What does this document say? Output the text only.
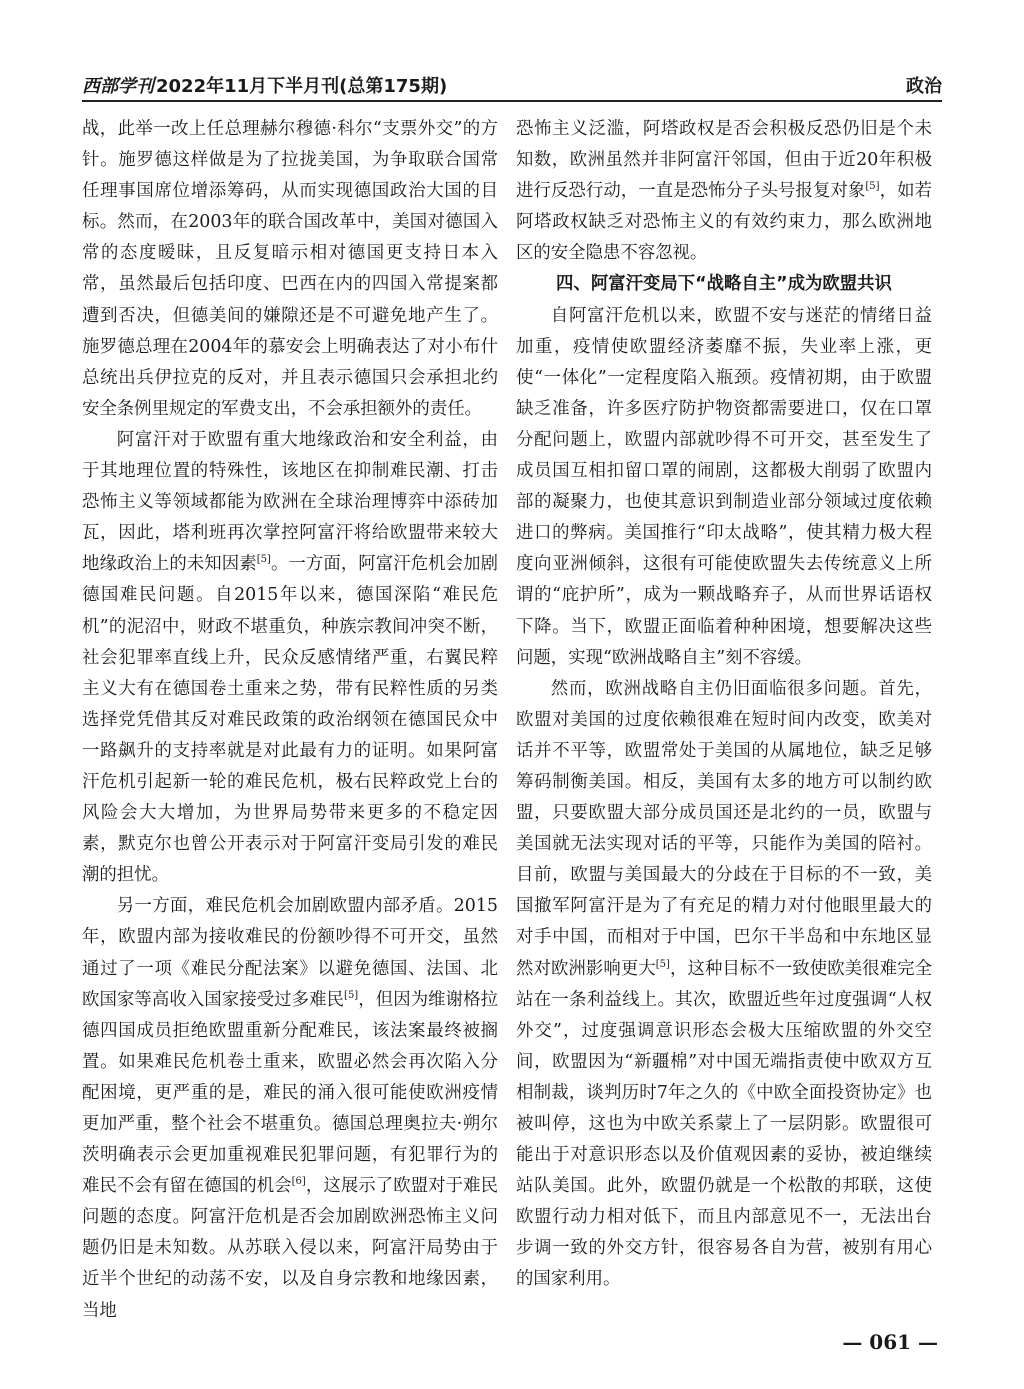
西部学刊 2022年11月下半月刊(总第175期)	政治

战，此举一改上任总理赫尔穆德·科尔“支票外交”的方针。施罗德这样做是为了拉拢美国，为争取联合国常任理事国席位增添筹码，从而实现德国政治大国的目标。然而，在2003年的联合国改革中，美国对德国入常的态度暧昧，且反复暗示相对德国更支持日本入常，虽然最后包括印度、巴西在内的四国入常提案都遭到否决，但德美间的嫌隙还是不可避免地产生了。施罗德总理在2004年的慕安会上明确表达了对小布什总统出兵伊拉克的反对，并且表示德国只会承担北约安全条例里规定的军费支出，不会承担额外的责任。

阿富汗对于欧盟有重大地缘政治和安全利益，由于其地理位置的特殊性，该地区在抑制难民潮、打击恐怖主义等领域都能为欧洲在全球治理博弈中添砖加瓦，因此，塔利班再次掌控阿富汗将给欧盟带来较大地缘政治上的未知因素[5]。一方面，阿富汗危机会加剧德国难民问题。自2015年以来，德国深陷“难民危机”的泥沼中，财政不堪重负，种族宗教间冲突不断，社会犯罪率直线上升，民众反感情绪严重，右翼民粹主义大有在德国卷土重来之势，带有民粹性质的另类选择党凭借其反对难民政策的政治纲领在德国民众中一路飙升的支持率就是对此最有力的证明。如果阿富汗危机引起新一轮的难民危机，极右民粹政党上台的风险会大大增加，为世界局势带来更多的不稳定因素，默克尔也曾公开表示对于阿富汗变局引发的难民潮的担忧。

另一方面，难民危机会加剧欧盟内部矛盾。2015年，欧盟内部为接收难民的份额吵得不可开交，虽然通过了一项《难民分配法案》以避免德国、法国、北欧国家等高收入国家接受过多难民[5]，但因为维谢格拉德四国成员拒绝欧盟重新分配难民，该法案最终被搁置。如果难民危机卷土重来，欧盟必然会再次陷入分配困境，更严重的是，难民的涌入很可能使欧洲疫情更加严重，整个社会不堪重负。德国总理奥拉夫·朔尔茨明确表示会更加重视难民犯罪问题，有犯罪行为的难民不会有留在德国的机会[6]，这展示了欧盟对于难民问题的态度。阿富汗危机是否会加剧欧洲恐怖主义问题仍旧是未知数。从苏联入侵以来，阿富汗局势由于近半个世纪的动荡不安，以及自身宗教和地缘因素，当地

恐怖主义泛滥，阿塔政权是否会积极反恐仍旧是个未知数，欧洲虽然并非阿富汗邻国，但由于近20年积极进行反恐行动，一直是恐怖分子头号报复对象[5]，如若阿塔政权缺乏对恐怖主义的有效约束力，那么欧洲地区的安全隐患不容忽视。

四、阿富汗变局下“战略自主”成为欧盟共识

自阿富汗危机以来，欧盟不安与迷茫的情绪日益加重，疫情使欧盟经济萎靡不振，失业率上涨，更使“一体化”一定程度陷入瓶颈。疫情初期，由于欧盟缺乏准备，许多医疗防护物资都需要进口，仅在口罩分配问题上，欧盟内部就吵得不可开交，甚至发生了成员国互相扣留口罩的闹剧，这都极大削弱了欧盟内部的凝聚力，也使其意识到制造业部分领域过度依赖进口的弊病。美国推行“印太战略”，使其精力极大程度向亚洲倾斜，这很有可能使欧盟失去传统意义上所谓的“庇护所”，成为一颗战略弃子，从而世界话语权下降。当下，欧盟正面临着种种困境，想要解决这些问题，实现“欧洲战略自主”刻不容缓。

然而，欧洲战略自主仍旧面临很多问题。首先，欧盟对美国的过度依赖很难在短时间内改变，欧美对话并不平等，欧盟常处于美国的从属地位，缺乏足够筹码制衡美国。相反，美国有太多的地方可以制约欧盟，只要欧盟大部分成员国还是北约的一员，欧盟与美国就无法实现对话的平等，只能作为美国的陪衬。目前，欧盟与美国最大的分歧在于目标的不一致，美国撤军阿富汗是为了有充足的精力对付他眼里最大的对手中国，而相对于中国，巴尔干半岛和中东地区显然对欧洲影响更大[5]，这种目标不一致使欧美很难完全站在一条利益线上。其次，欧盟近些年过度强调“人权外交”，过度强调意识形态会极大压缩欧盟的外交空间，欧盟因为“新疆棉”对中国无端指责使中欧双方互相制裁，谈判历时7年之久的《中欧全面投资协定》也被叫停，这也为中欧关系蒙上了一层阴影。欧盟很可能出于对意识形态以及价值观因素的妥协，被迫继续站队美国。此外，欧盟仍就是一个松散的邦联，这使欧盟行动力相对低下，而且内部意见不一，无法出台步调一致的外交方针，很容易各自为营，被别有用心的国家利用。

— 061 —
